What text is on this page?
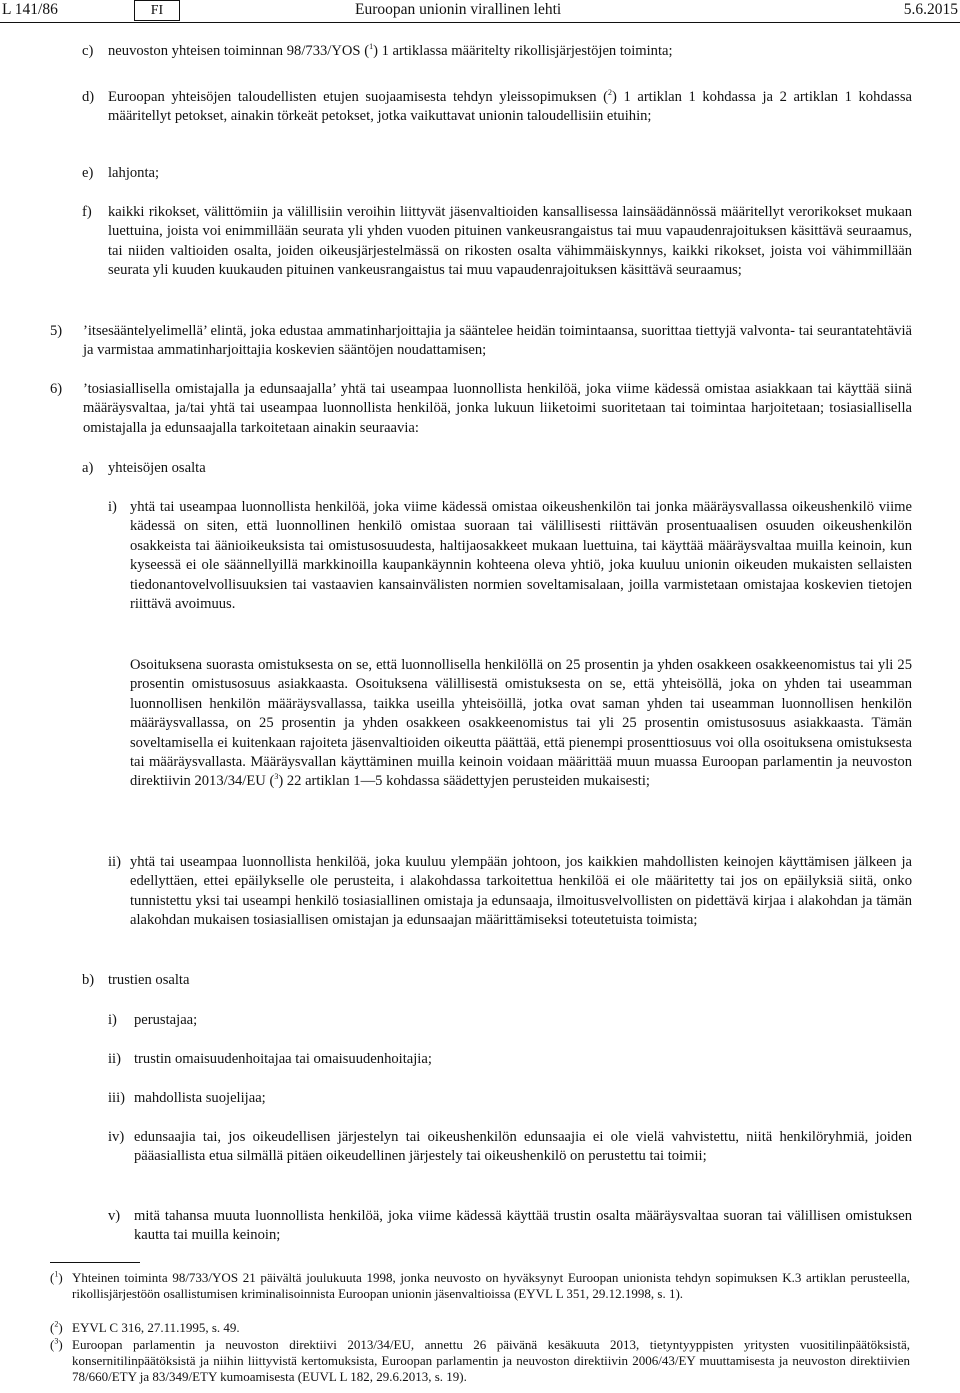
L 141/86	FI	Euroopan unionin virallinen lehti	5.6.2015
c) neuvoston yhteisen toiminnan 98/733/YOS ($^1$) 1 artiklassa määritelty rikollisjärjestöjen toiminta;

d) Euroopan yhteisöjen taloudellisten etujen suojaamisesta tehdyn yleissopimuksen ($^2$) 1 artiklan 1 kohdassa ja 2 artiklan 1 kohdassa määritellyt petokset, ainakin törkeät petokset, jotka vaikuttavat unionin taloudellisiin etuihin;

e) lahjonta;

f) kaikki rikokset, välittömiin ja välillisiin veroihin liittyvät jäsenvaltioiden kansallisessa lainsäädännössä määritellyt verorikokset mukaan luettuina, joista voi enimmillään seurata yli yhden vuoden pituinen vankeusrangaistus tai muu vapaudenrajoituksen käsittävä seuraamus, tai niiden valtioiden osalta, joiden oikeusjärjestelmässä on rikosten osalta vähimmäiskynnys, kaikki rikokset, joista voi vähimmillään seurata yli kuuden kuukauden pituinen vankeusrangaistus tai muu vapaudenrajoituksen käsittävä seuraamus;

5) ’itsesääntelyelimellä’ elintä, joka edustaa ammatinharjoittajia ja sääntelee heidän toimintaansa, suorittaa tiettyjä valvonta- tai seurantatehtäviä ja varmistaa ammatinharjoittajia koskevien sääntöjen noudattamisen;

6) ’tosiasiallisella omistajalla ja edunsaajalla’ yhtä tai useampaa luonnollista henkilöä, joka viime kädessä omistaa asiakkaan tai käyttää siinä määräysvaltaa, ja/tai yhtä tai useampaa luonnollista henkilöä, jonka lukuun liiketoimi suoritetaan tai toimintaa harjoitetaan; tosiasiallisella omistajalla ja edunsaajalla tarkoitetaan ainakin seuraavia:

a) yhteisöjen osalta

i) yhtä tai useampaa luonnollista henkilöä, joka viime kädessä omistaa oikeushenkilön tai jonka määräysvallassa oikeushenkilö viime kädessä on siten, että luonnollinen henkilö omistaa suoraan tai välillisesti riittävän prosentuaalisen osuuden oikeushenkilön osakkeista tai äänioikeuksista tai omistusosuudesta, haltijaosakkeet mukaan luettuina, tai käyttää määräysvaltaa muilla keinoin, kun kyseessä ei ole säännellyillä markkinoilla kaupankäynnin kohteena oleva yhtiö, joka kuuluu unionin oikeuden mukaisten sellaisten tiedonantovelvollisuuksien tai vastaavien kansainvälisten normien soveltamisalaan, joilla varmistetaan omistajaa koskevien tietojen riittävä avoimuus.

Osoituksena suorasta omistuksesta on se, että luonnollisella henkilöllä on 25 prosentin ja yhden osakkeen osakkeenomistus tai yli 25 prosentin omistusosuus asiakkaasta. Osoituksena välillisestä omistuksesta on se, että yhteisöllä, joka on yhden tai useamman luonnollisen henkilön määräysvallassa, taikka useilla yhteisöillä, jotka ovat saman yhden tai useamman luonnollisen henkilön määräysvallassa, on 25 prosentin ja yhden osakkeen osakkeenomistus tai yli 25 prosentin omistusosuus asiakkaasta. Tämän soveltamisella ei kuitenkaan rajoiteta jäsenvaltioiden oikeutta päättää, että pienempi prosenttiosuus voi olla osoituksena omistuksesta tai määräysvallasta. Määräysvallan käyttäminen muilla keinoin voidaan määrittää muun muassa Euroopan parlamentin ja neuvoston direktiivin 2013/34/EU ($^3$) 22 artiklan 1—5 kohdassa säädettyjen perusteiden mukaisesti;

ii) yhtä tai useampaa luonnollista henkilöä, joka kuuluu ylempään johtoon, jos kaikkien mahdollisten keinojen käyttämisen jälkeen ja edellyttäen, ettei epäilykselle ole perusteita, i alakohdassa tarkoitettua henkilöä ei ole määritetty tai jos on epäilyksiä siitä, onko tunnistettu yksi tai useampi henkilö tosiasiallinen omistaja ja edunsaaja, ilmoitusvelvollisten on pidettävä kirjaa i alakohdan ja tämän alakohdan mukaisen tosiasiallisen omistajan ja edunsaajan määrittämiseksi toteutetuista toimista;

b) trustien osalta

i) perustajaa;

ii) trustin omaisuudenhoitajaa tai omaisuudenhoitajia;

iii) mahdollista suojelijaa;

iv) edunsaajia tai, jos oikeudellisen järjestelyn tai oikeushenkilön edunsaajia ei ole vielä vahvistettu, niitä henkilöryhmiä, joiden pääasiallista etua silmällä pitäen oikeudellinen järjestely tai oikeushenkilö on perustettu tai toimii;

v) mitä tahansa muuta luonnollista henkilöä, joka viime kädessä käyttää trustin osalta määräysvaltaa suoran tai välillisen omistuksen kautta tai muilla keinoin;

($^1$) Yhteinen toiminta 98/733/YOS 21 päivältä joulukuuta 1998, jonka neuvosto on hyväksynyt Euroopan unionista tehdyn sopimuksen K.3 artiklan perusteella, rikollisjärjestöön osallistumisen kriminalisoinnista Euroopan unionin jäsenvaltioissa (EYVL L 351, 29.12.1998, s. 1).
($^2$) EYVL C 316, 27.11.1995, s. 49.
($^3$) Euroopan parlamentin ja neuvoston direktiivi 2013/34/EU, annettu 26 päivänä kesäkuuta 2013, tietyntyyppisten yritysten vuositilinpäätöksistä, konsernitilinpäätöksistä ja niihin liittyvistä kertomuksista, Euroopan parlamentin ja neuvoston direktiivin 2006/43/EY muuttamisesta ja neuvoston direktiivien 78/660/ETY ja 83/349/ETY kumoamisesta (EUVL L 182, 29.6.2013, s. 19).
